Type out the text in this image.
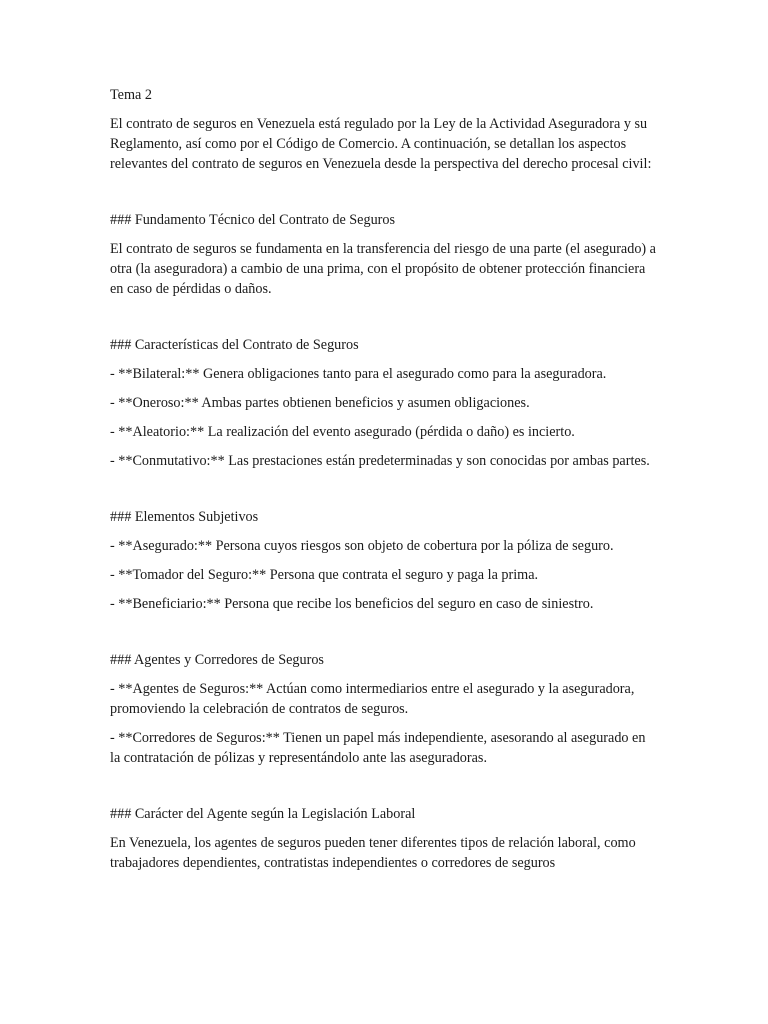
Tema 2

El contrato de seguros en Venezuela está regulado por la Ley de la Actividad Aseguradora y su Reglamento, así como por el Código de Comercio. A continuación, se detallan los aspectos relevantes del contrato de seguros en Venezuela desde la perspectiva del derecho procesal civil:

### Fundamento Técnico del Contrato de Seguros

El contrato de seguros se fundamenta en la transferencia del riesgo de una parte (el asegurado) a otra (la aseguradora) a cambio de una prima, con el propósito de obtener protección financiera en caso de pérdidas o daños.

### Características del Contrato de Seguros

- **Bilateral:** Genera obligaciones tanto para el asegurado como para la aseguradora.

- **Oneroso:** Ambas partes obtienen beneficios y asumen obligaciones.

- **Aleatorio:** La realización del evento asegurado (pérdida o daño) es incierto.

- **Conmutativo:** Las prestaciones están predeterminadas y son conocidas por ambas partes.

### Elementos Subjetivos

- **Asegurado:** Persona cuyos riesgos son objeto de cobertura por la póliza de seguro.

- **Tomador del Seguro:** Persona que contrata el seguro y paga la prima.

- **Beneficiario:** Persona que recibe los beneficios del seguro en caso de siniestro.

### Agentes y Corredores de Seguros

- **Agentes de Seguros:** Actúan como intermediarios entre el asegurado y la aseguradora, promoviendo la celebración de contratos de seguros.

- **Corredores de Seguros:** Tienen un papel más independiente, asesorando al asegurado en la contratación de pólizas y representándolo ante las aseguradoras.

### Carácter del Agente según la Legislación Laboral

En Venezuela, los agentes de seguros pueden tener diferentes tipos de relación laboral, como trabajadores dependientes, contratistas independientes o corredores de seguros
